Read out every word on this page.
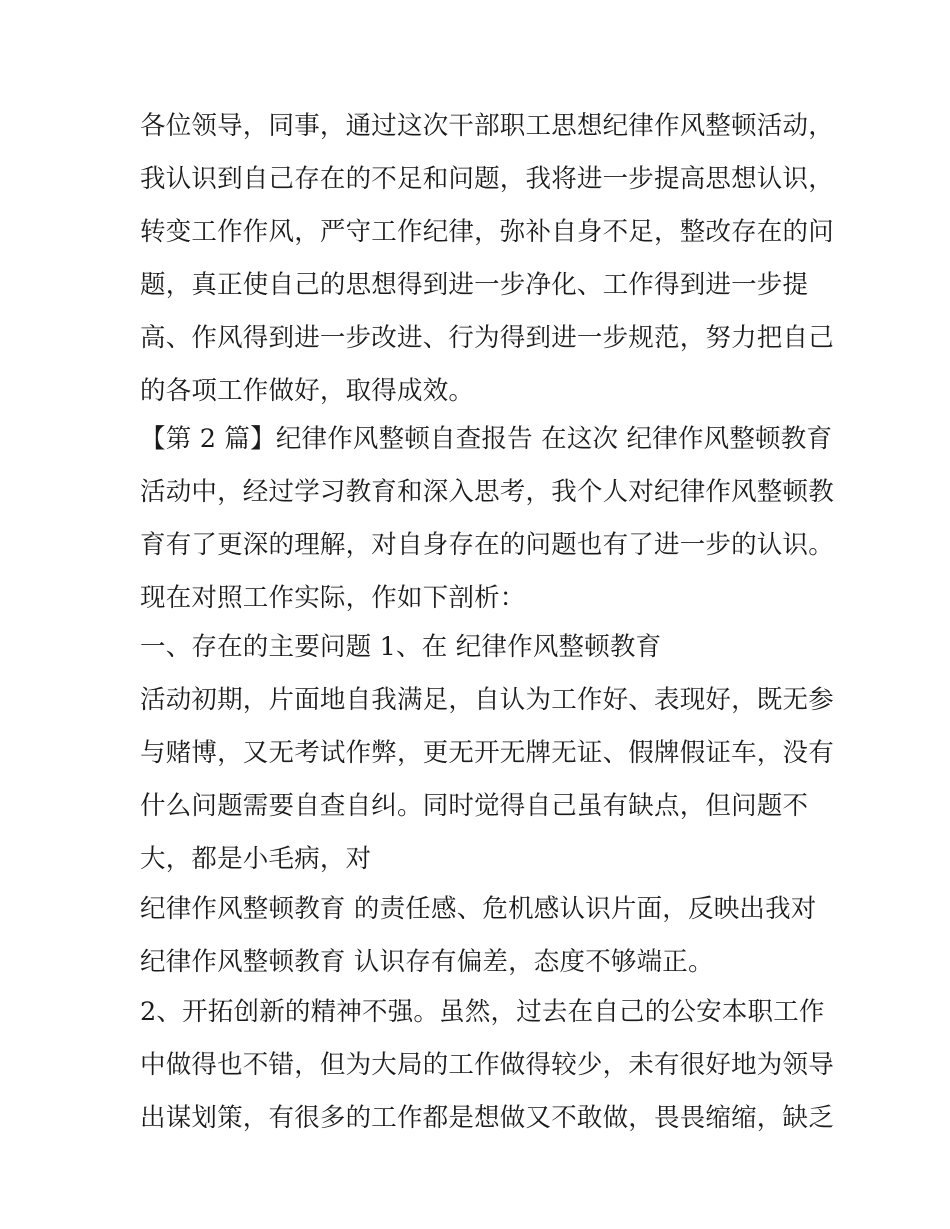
各位领导，同事，通过这次干部职工思想纪律作风整顿活动，

我认识到自己存在的不足和问题，我将进一步提高思想认识，

转变工作作风，严守工作纪律，弥补自身不足，整改存在的问

题，真正使自己的思想得到进一步净化、工作得到进一步提

高、作风得到进一步改进、行为得到进一步规范，努力把自己

的各项工作做好，取得成效。

【第 2 篇】纪律作风整顿自查报告 在这次 纪律作风整顿教育

活动中，经过学习教育和深入思考，我个人对纪律作风整顿教

育有了更深的理解，对自身存在的问题也有了进一步的认识。

现在对照工作实际，作如下剖析：

一、存在的主要问题 1、在 纪律作风整顿教育

活动初期，片面地自我满足，自认为工作好、表现好，既无参

与赌博，又无考试作弊，更无开无牌无证、假牌假证车，没有

什么问题需要自查自纠。同时觉得自己虽有缺点，但问题不

大，都是小毛病，对

纪律作风整顿教育 的责任感、危机感认识片面，反映出我对

纪律作风整顿教育 认识存有偏差，态度不够端正。

2、开拓创新的精神不强。虽然，过去在自己的公安本职工作

中做得也不错，但为大局的工作做得较少，未有很好地为领导

出谋划策，有很多的工作都是想做又不敢做，畏畏缩缩，缺乏
